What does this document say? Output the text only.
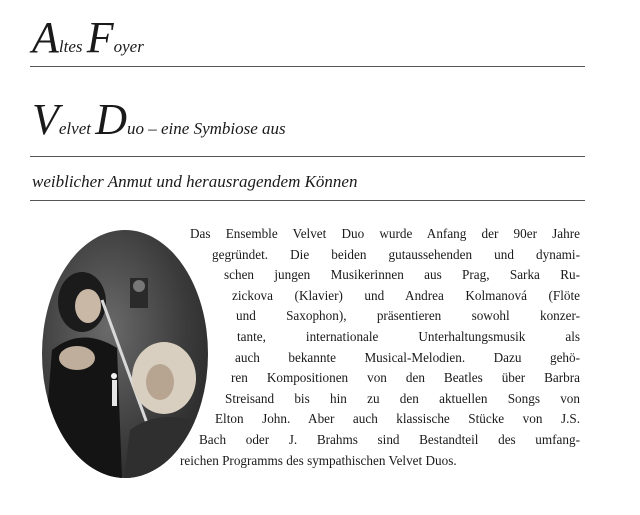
Altes Foyer
Velvet Duo – eine Symbiose aus
weiblicher Anmut und herausragendem Können
Das Ensemble Velvet Duo wurde Anfang der 90er Jahre
gegründet. Die beiden gutaussehenden und dynami-
schen jungen Musikerinnen aus Prag, Sarka Ru-
zickova (Klavier) und Andrea Kolmanová (Flöte
und Saxophon), präsentieren sowohl konzer-
tante, internationale Unterhaltungsmusik als
auch bekannte Musical-Melodien. Dazu gehö-
ren Kompositionen von den Beatles über Barbra
Streisand bis hin zu den aktuellen Songs von
Elton John. Aber auch klassische Stücke von J.S.
Bach oder J. Brahms sind Bestandteil des umfang-
reichen Programms des sympathischen Velvet Duos.
